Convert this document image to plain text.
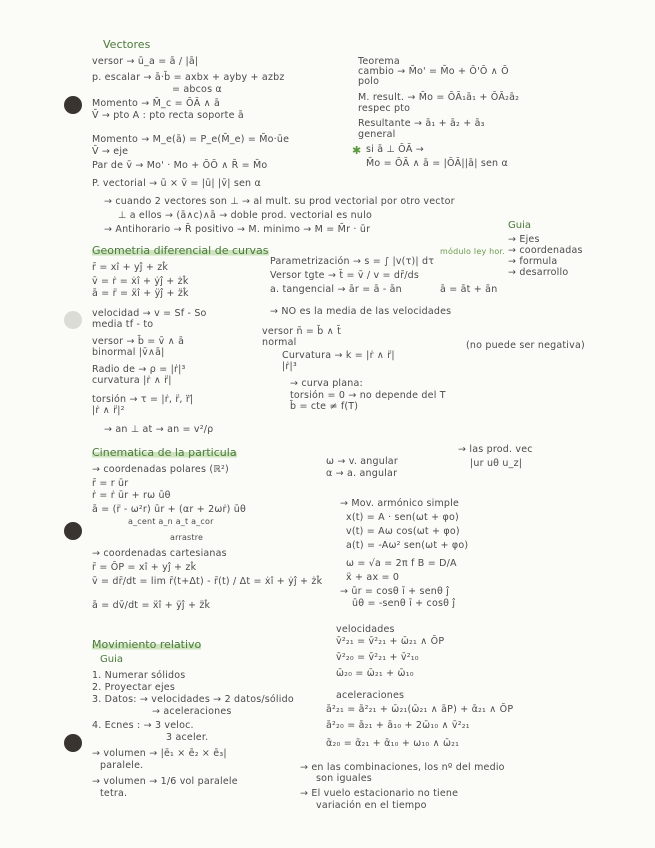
Vectores
versor → ū_a = ā / |ā|
p. escalar → ā·b̄ = axbx + ayby + azbz
= abcos α
Momento → M̄_c = ŌĀ ∧ ā
V̄ → pto A : pto recta soporte ā
Momento → M_e(ā) = P_e(M̄_e) = M̄o·ūe
V̄ → eje
Par de v̄ → Mo' · Mo + ŌŌ ∧ R̄ = M̄o
P. vectorial → ū × v̄ = |ū| |v̄| sen α
Teorema
cambio → M̄o' = M̄o + Ō'Ō ∧ Ō
polo
M. result. → M̄o = ŌĀ₁ā₁ + ŌĀ₂ā₂
respec pto
Resultante → ā₁ + ā₂ + ā₃
general
✱ si ā ⊥ ŌĀ →
M̄o = ŌĀ ∧ ā = |ŌĀ||ā| sen α
→ cuando 2 vectores son ⊥ → al mult. su prod vectorial por otro vector
⊥ a ellos → (ā∧c)∧ā → doble prod. vectorial es nulo
→ Antihorario → R̄ positivo → M. minimo → M = M̄r · ūr	Guia
→ Ejes
→ coordenadas
→ formula
→ desarrollo
Geometria diferencial de curvas
r̄ = xî + yĵ + zk̂
v̄ = ṙ = ẋî + ẏĵ + żk̂
ā = r̈ = ẍî + ÿĵ + z̈k̂
velocidad → v = Sf - So
media tf - to
versor → b̄ = v̄ ∧ ā
binormal |v̄∧ā|
Radio de → ρ = |ṙ|³
curvatura |ṙ ∧ r̈|
torsión → τ = |ṙ, r̈, r⃛|
|ṙ ∧ r̈|²
→ an ⊥ at → an = v²/ρ
Parametrización → s = ∫ |v(τ)| dτ
módulo ley hor.
Versor tgte → t̄ = v̄ / v = dr̄/ds
a. tangencial → ār = ā - ān
→ NO es la media de las velocidades
versor n̄ = b̄ ∧ t̄
normal
Curvatura → k = |ṙ ∧ r̈|
|ṙ|³
(no puede ser negativa)
→ curva plana:
torsión = 0 → no depende del T
b̄ = cte ≠ f(T)
ā = āt + ān
Cinematica de la particula
→ coordenadas polares (ℝ²)
r̄ = r ūr
ṙ = ṙ ūr + rω ūθ
ā = (r̈ - ω²r) ūr + (αr + 2ωṙ) ūθ
a_cent a_n a_t a_cor
arrastre
→ coordenadas cartesianas
r̄ = ŌP = xî + yĵ + zk̂
v̄ = dr̄/dt = lim r̄(t+Δt) - r̄(t) / Δt = ẋî + ẏĵ + żk̂
ā = dv̄/dt = ẍî + ÿĵ + z̈k̂
ω → v. angular
α → a. angular
→ las prod. vec
|ur uθ u_z|
→ Mov. armónico simple
x(t) = A · sen(ωt + φo)
v(t) = Aω cos(ωt + φo)
a(t) = -Aω² sen(ωt + φo)
ω = √a = 2π f B = D/A
ẍ + ax = 0
→ ūr = cosθ ī + senθ ĵ
ūθ = -senθ ī + cosθ ĵ
Movimiento relativo
Guia
1. Numerar sólidos
2. Proyectar ejes
3. Datos: → velocidades → 2 datos/sólido
→ aceleraciones
4. Ecnes : → 3 veloc.
3 aceler.
→ volumen → |ē₁ × ē₂ × ē₃|
paralele.
→ volumen → 1/6 vol paralele
tetra.
velocidades
v̄²₂₁ = v̄²₂₁ + ω̄₂₁ ∧ ŌP
v̄²₂₀ = v̄²₂₁ + v̄²₁₀
ω̄₂₀ = ω̄₂₁ + ω̄₁₀
aceleraciones
ā²₂₁ = ā²₂₁ + ω̄₂₁(ω̄₂₁ ∧ āP) + ᾱ₂₁ ∧ ŌP
ā²₂₀ = ā₂₁ + ā₁₀ + 2ω̄₁₀ ∧ v̄²₂₁
ᾱ₂₀ = ᾱ₂₁ + ᾱ₁₀ + ω₁₀ ∧ ω̄₂₁
→ en las combinaciones, los nº del medio
son iguales
→ El vuelo estacionario no tiene
variación en el tiempo
